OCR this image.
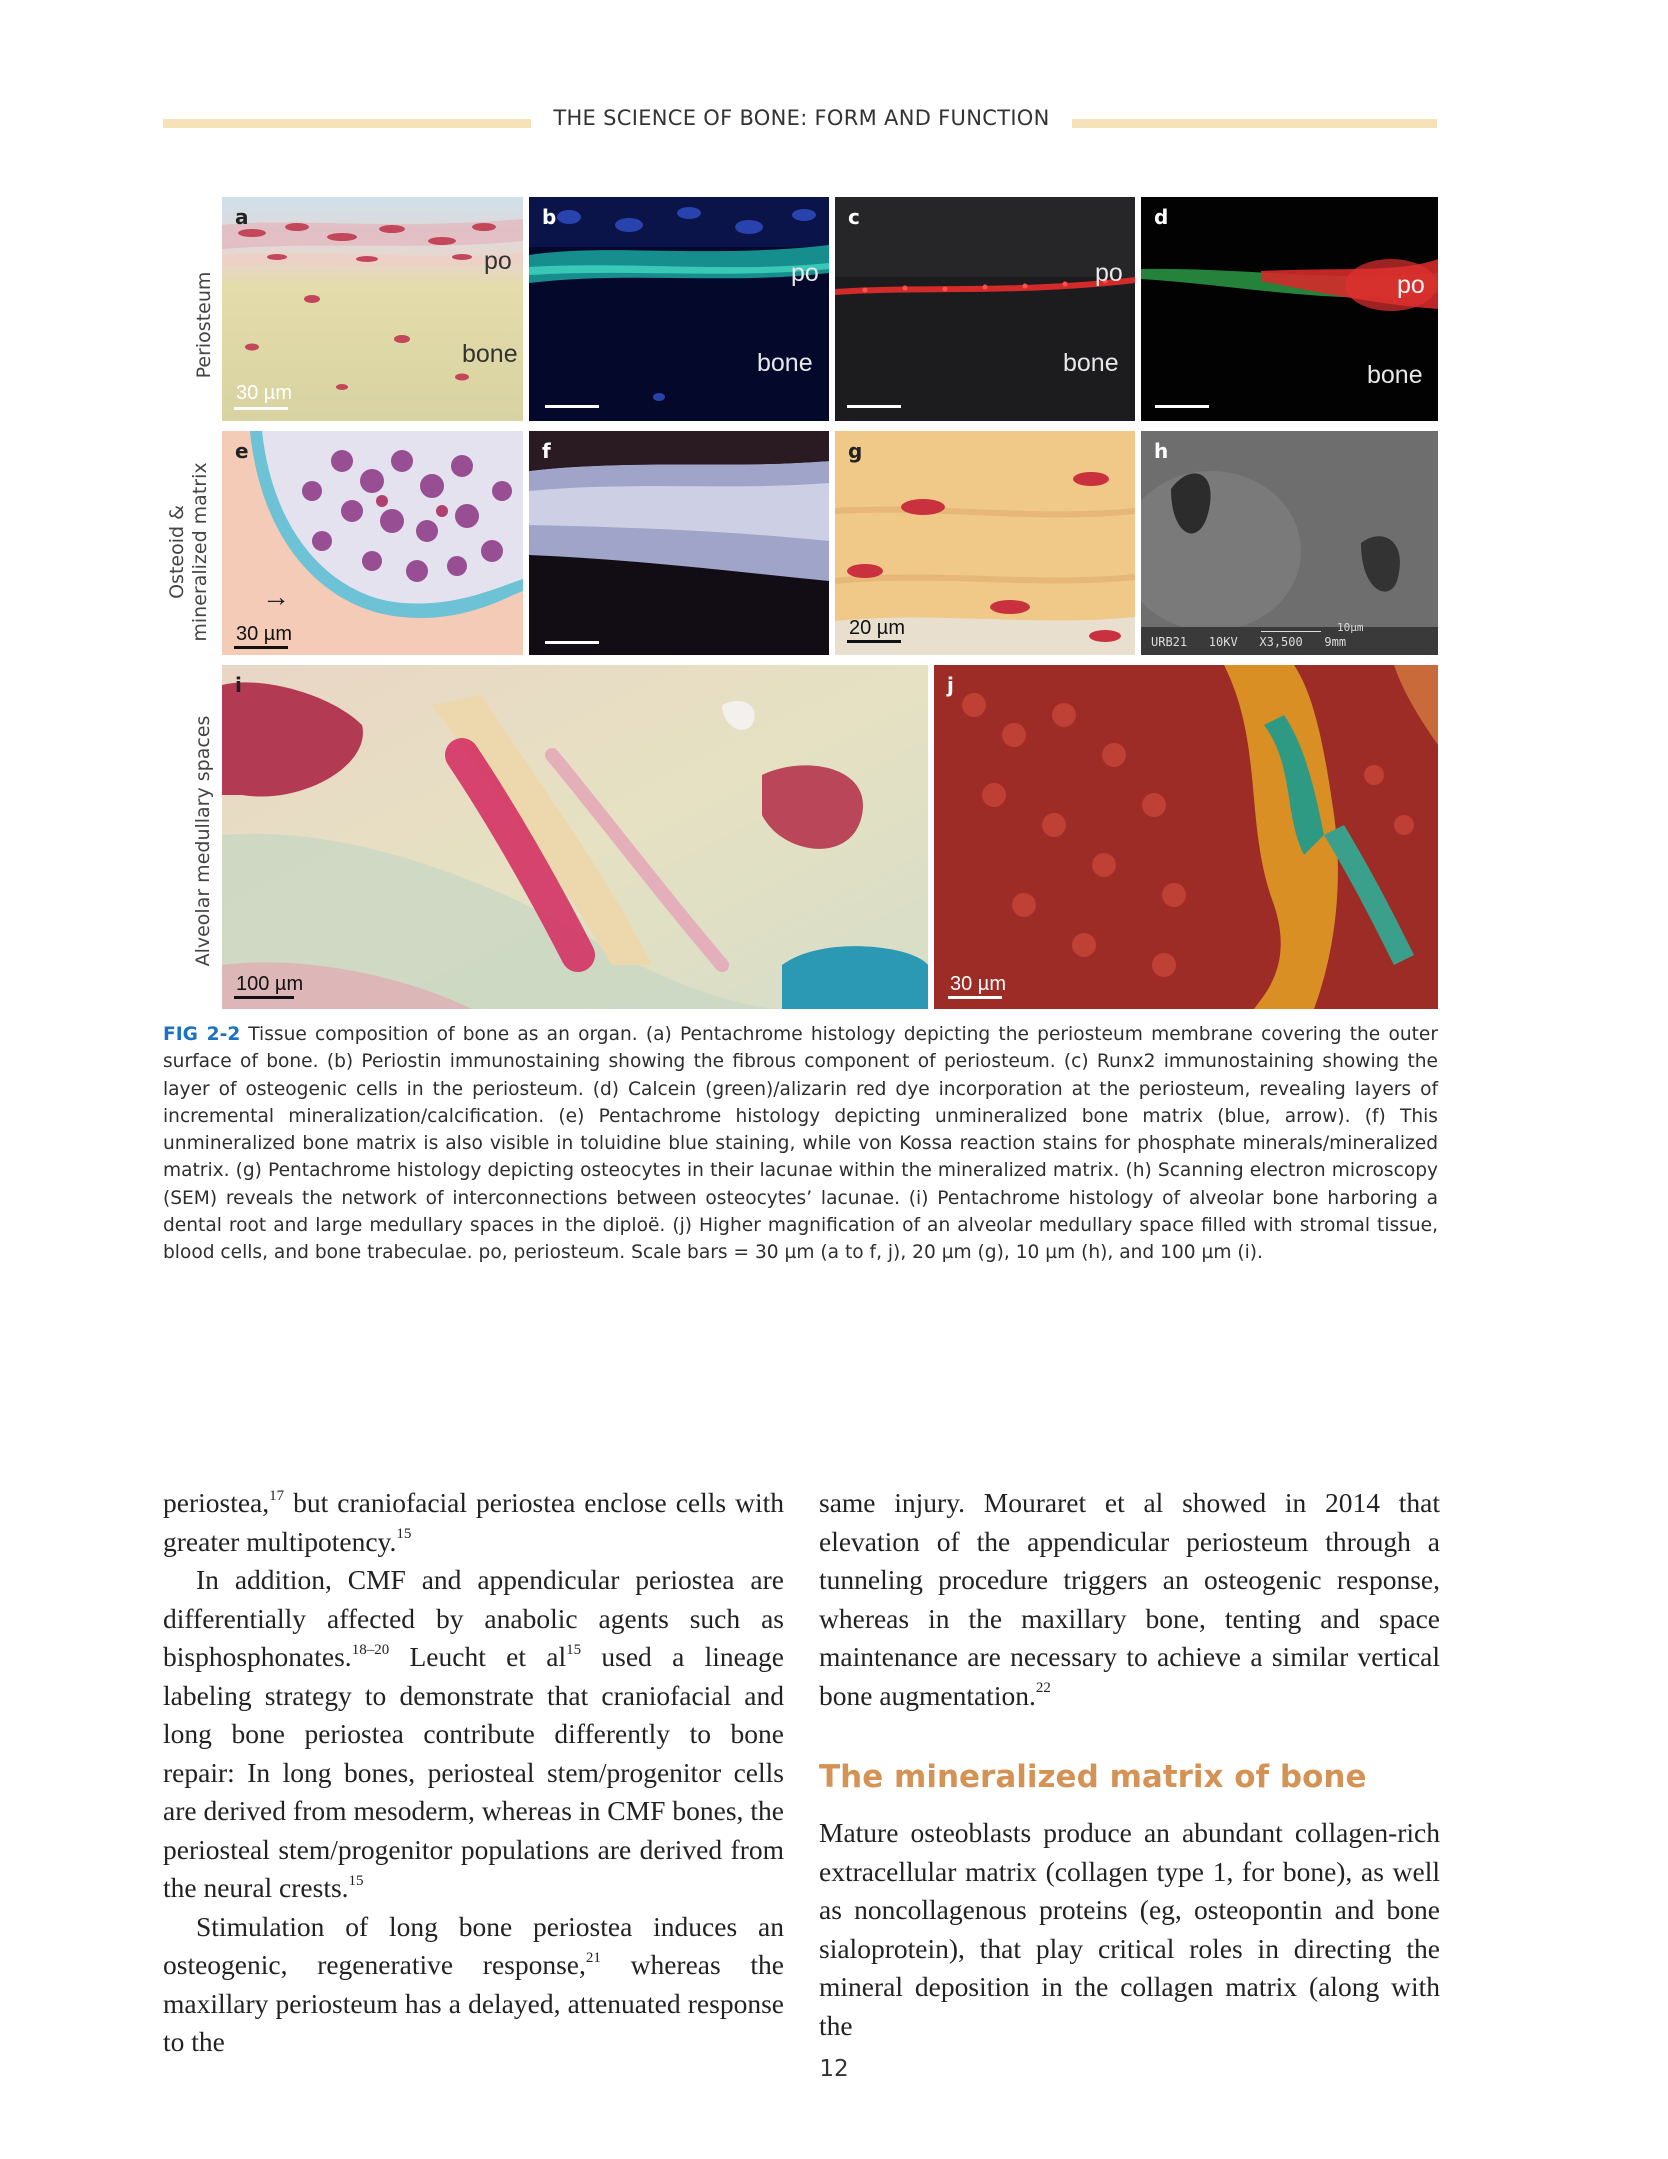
THE SCIENCE OF BONE: FORM AND FUNCTION
Periosteum
Osteoid & mineralized matrix
Alveolar medullary spaces
a
po
bone
30 µm
b
po
bone
c
po
bone
d
po
bone
e
→
30 µm
f	g
20 µm
h
10µm
URB21   10KV   X3,500   9mm
i
100 µm
j
30 µm
FIG 2-2 Tissue composition of bone as an organ. (a) Pentachrome histology depicting the periosteum membrane covering the outer surface of bone. (b) Periostin immunostaining showing the fibrous component of periosteum. (c) Runx2 immunostaining showing the layer of osteogenic cells in the periosteum. (d) Calcein (green)/alizarin red dye incorporation at the periosteum, revealing layers of incremental mineralization/calcification. (e) Pentachrome histology depicting unmineralized bone matrix (blue, arrow). (f) This unmineralized bone matrix is also visible in toluidine blue staining, while von Kossa reaction stains for phosphate minerals/mineralized matrix. (g) Pentachrome histology depicting osteocytes in their lacunae within the mineralized matrix. (h) Scanning electron microscopy (SEM) reveals the network of interconnections between osteocytes’ lacunae. (i) Pentachrome histology of alveolar bone harboring a dental root and large medullary spaces in the diploë. (j) Higher magnification of an alveolar medullary space filled with stromal tissue, blood cells, and bone trabeculae. po, periosteum. Scale bars = 30 µm (a to f, j), 20 µm (g), 10 µm (h), and 100 µm (i).

periostea,$^{17}$ but craniofacial periostea enclose cells with greater multipotency.$^{15}$

In addition, CMF and appendicular periostea are differentially affected by anabolic agents such as bisphosphonates.$^{18-20}$ Leucht et $al^{15}$ used a lineage labeling strategy to demonstrate that craniofacial and long bone periostea contribute differently to bone repair: In long bones, periosteal stem/progenitor cells are derived from mesoderm, whereas in CMF bones, the periosteal stem/progenitor populations are derived from the neural crests.$^{15}$

Stimulation of long bone periostea induces an osteogenic, regenerative response,$^{21}$ whereas the maxillary periosteum has a delayed, attenuated response to the

same injury. Mouraret et al showed in 2014 that elevation of the appendicular periosteum through a tunneling procedure triggers an osteogenic response, whereas in the maxillary bone, tenting and space maintenance are necessary to achieve a similar vertical bone augmentation.$^{22}$

The mineralized matrix of bone

Mature osteoblasts produce an abundant collagen-rich extracellular matrix (collagen type 1, for bone), as well as noncollagenous proteins (eg, osteopontin and bone sialoprotein), that play critical roles in directing the mineral deposition in the collagen matrix (along with the

12
